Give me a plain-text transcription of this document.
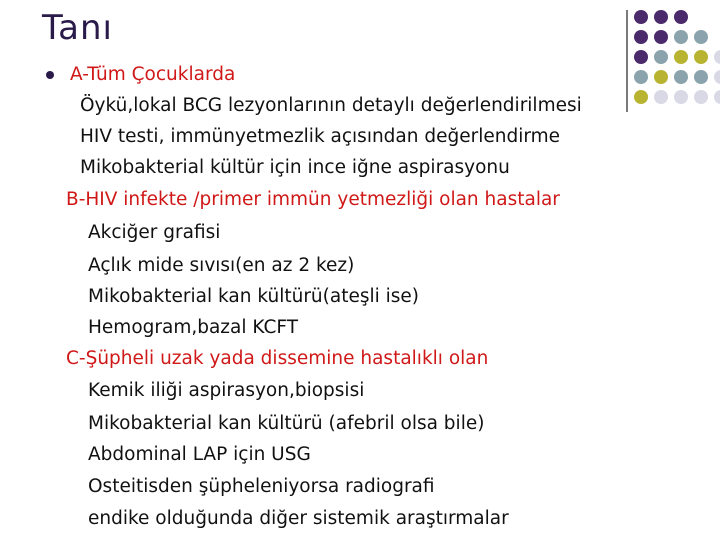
Tanı
A-Tüm Çocuklarda
Öykü,lokal BCG lezyonlarının detaylı değerlendirilmesi
HIV testi, immünyetmezlik açısından değerlendirme
Mikobakterial kültür için ince iğne aspirasyonu
B-HIV infekte /primer immün yetmezliği olan hastalar
Akciğer grafisi
Açlık mide sıvısı(en az 2 kez)
Mikobakterial kan kültürü(ateşli ise)
Hemogram,bazal KCFT
C-Şüpheli uzak yada dissemine hastalıklı olan
Kemik iliği aspirasyon,biopsisi
Mikobakterial kan kültürü (afebril olsa bile)
Abdominal LAP için USG
Osteitisden şüpheleniyorsa radiografi
endike olduğunda diğer sistemik araştırmalar
